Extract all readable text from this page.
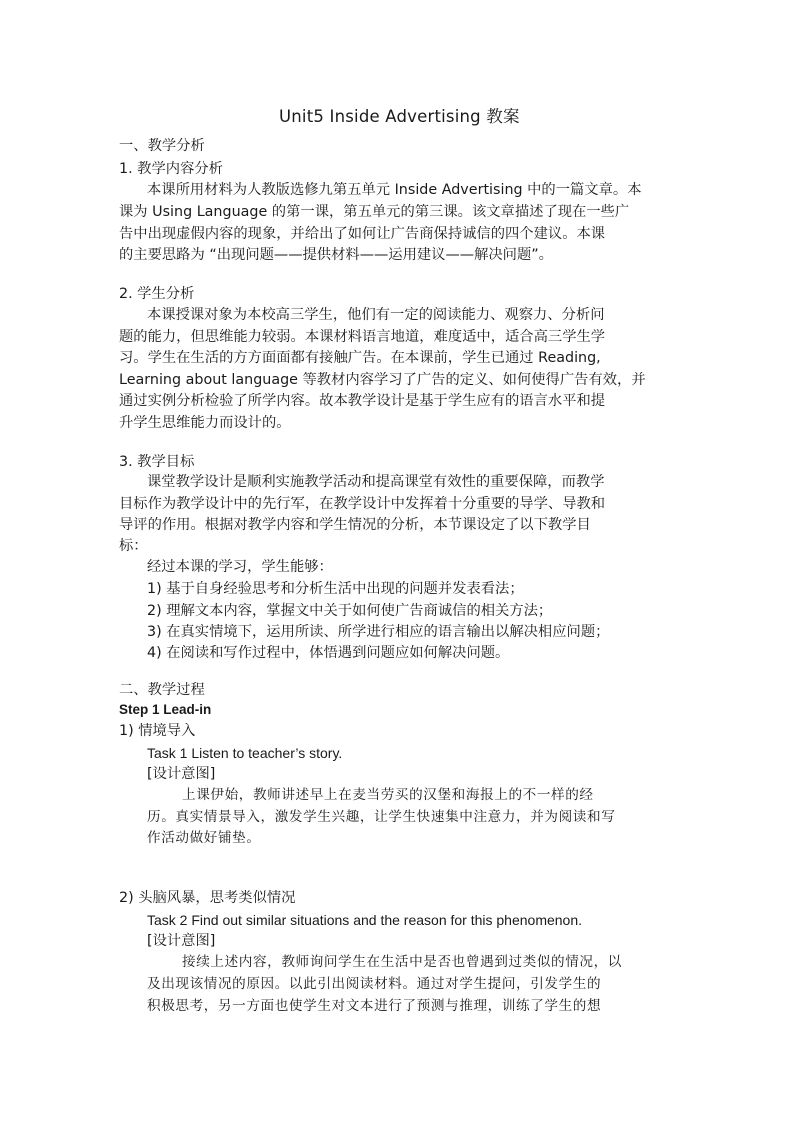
Unit5 Inside Advertising 教案
一、教学分析
1. 教学内容分析
本课所用材料为人教版选修九第五单元 Inside Advertising 中的一篇文章。本
课为 Using Language 的第一课，第五单元的第三课。该文章描述了现在一些广
告中出现虚假内容的现象，并给出了如何让广告商保持诚信的四个建议。本课
的主要思路为 “出现问题——提供材料——运用建议——解决问题”。
2. 学生分析
本课授课对象为本校高三学生，他们有一定的阅读能力、观察力、分析问
题的能力，但思维能力较弱。本课材料语言地道，难度适中，适合高三学生学
习。学生在生活的方方面面都有接触广告。在本课前，学生已通过 Reading,
Learning about language 等教材内容学习了广告的定义、如何使得广告有效，并
通过实例分析检验了所学内容。故本教学设计是基于学生应有的语言水平和提
升学生思维能力而设计的。
3. 教学目标
课堂教学设计是顺利实施教学活动和提高课堂有效性的重要保障，而教学
目标作为教学设计中的先行军，在教学设计中发挥着十分重要的导学、导教和
导评的作用。根据对教学内容和学生情况的分析，本节课设定了以下教学目
标：
经过本课的学习，学生能够：
1) 基于自身经验思考和分析生活中出现的问题并发表看法；
2) 理解文本内容，掌握文中关于如何使广告商诚信的相关方法；
3) 在真实情境下，运用所读、所学进行相应的语言输出以解决相应问题；
4) 在阅读和写作过程中，体悟遇到问题应如何解决问题。
二、教学过程
Step 1 Lead-in
1) 情境导入
Task 1 Listen to teacher’s story.
[设计意图]
上课伊始，教师讲述早上在麦当劳买的汉堡和海报上的不一样的经
历。真实情景导入，激发学生兴趣，让学生快速集中注意力，并为阅读和写
作活动做好铺垫。
2) 头脑风暴，思考类似情况
Task 2 Find out similar situations and the reason for this phenomenon.
[设计意图]
接续上述内容，教师询问学生在生活中是否也曾遇到过类似的情况，以
及出现该情况的原因。以此引出阅读材料。通过对学生提问，引发学生的
积极思考，另一方面也使学生对文本进行了预测与推理，训练了学生的想
